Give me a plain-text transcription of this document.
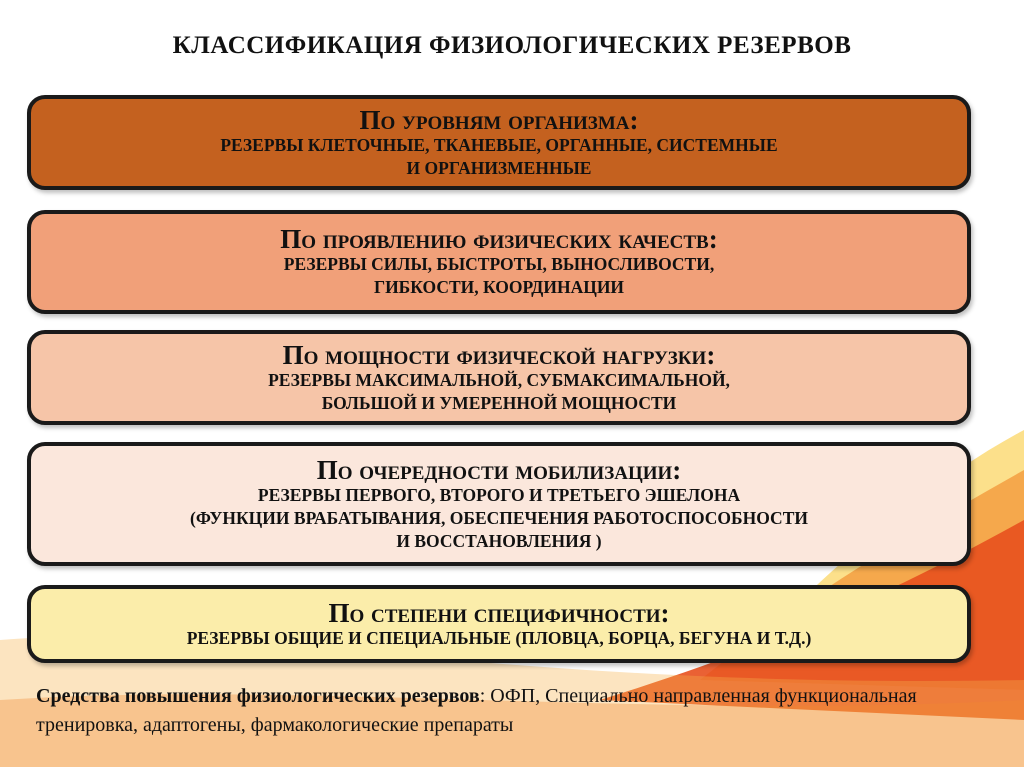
КЛАССИФИКАЦИЯ ФИЗИОЛОГИЧЕСКИХ РЕЗЕРВОВ
По уровням организма:
РЕЗЕРВЫ КЛЕТОЧНЫЕ, ТКАНЕВЫЕ, ОРГАННЫЕ, СИСТЕМНЫЕ
И ОРГАНИЗМЕННЫЕ
По проявлению физических качеств:
РЕЗЕРВЫ СИЛЫ, БЫСТРОТЫ, ВЫНОСЛИВОСТИ,
ГИБКОСТИ, КООРДИНАЦИИ
По мощности физической нагрузки:
РЕЗЕРВЫ МАКСИМАЛЬНОЙ, СУБМАКСИМАЛЬНОЙ,
БОЛЬШОЙ И УМЕРЕННОЙ МОЩНОСТИ
По очередности мобилизации:
РЕЗЕРВЫ ПЕРВОГО, ВТОРОГО И ТРЕТЬЕГО ЭШЕЛОНА
(ФУНКЦИИ ВРАБАТЫВАНИЯ, ОБЕСПЕЧЕНИЯ РАБОТОСПОСОБНОСТИ
И ВОССТАНОВЛЕНИЯ )
По степени специфичности:
РЕЗЕРВЫ ОБЩИЕ И СПЕЦИАЛЬНЫЕ (ПЛОВЦА, БОРЦА, БЕГУНА И Т.Д.)
Средства повышения физиологических резервов: ОФП, Специально направленная функциональная тренировка, адаптогены, фармакологические препараты
